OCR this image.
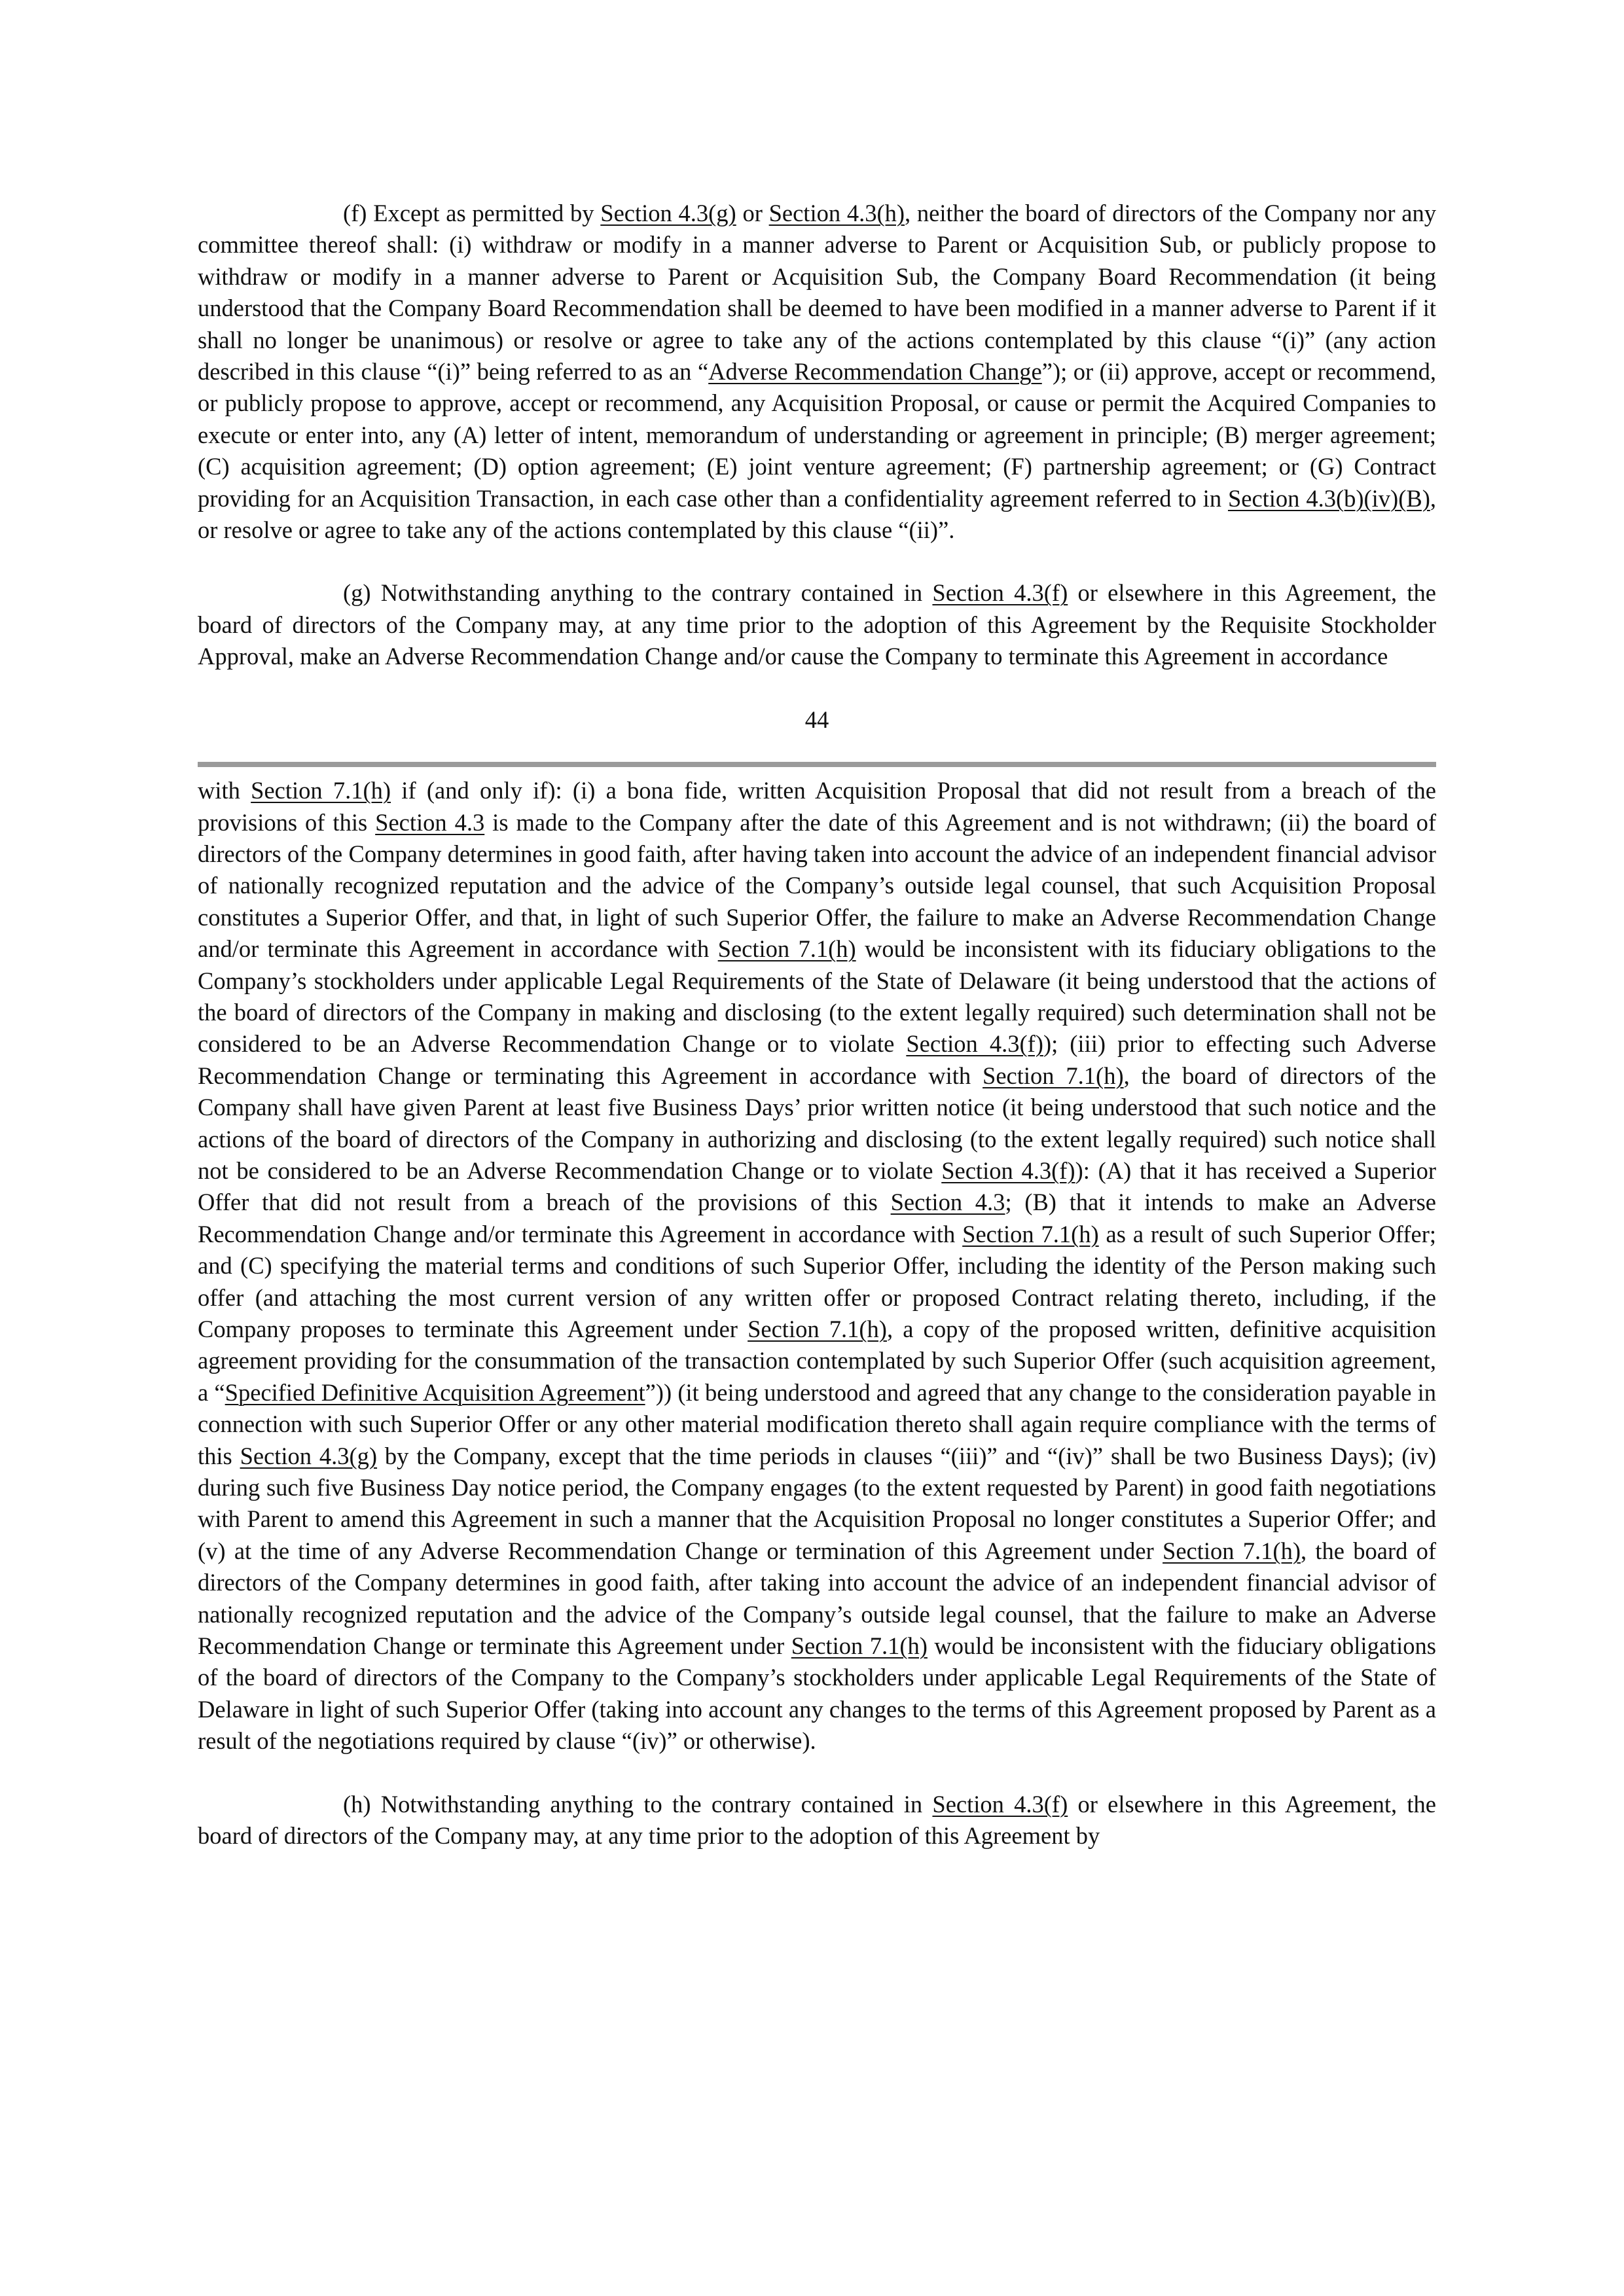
(f) Except as permitted by Section 4.3(g) or Section 4.3(h), neither the board of directors of the Company nor any committee thereof shall: (i) withdraw or modify in a manner adverse to Parent or Acquisition Sub, or publicly propose to withdraw or modify in a manner adverse to Parent or Acquisition Sub, the Company Board Recommendation (it being understood that the Company Board Recommendation shall be deemed to have been modified in a manner adverse to Parent if it shall no longer be unanimous) or resolve or agree to take any of the actions contemplated by this clause “(i)” (any action described in this clause “(i)” being referred to as an “Adverse Recommendation Change”); or (ii) approve, accept or recommend, or publicly propose to approve, accept or recommend, any Acquisition Proposal, or cause or permit the Acquired Companies to execute or enter into, any (A) letter of intent, memorandum of understanding or agreement in principle; (B) merger agreement; (C) acquisition agreement; (D) option agreement; (E) joint venture agreement; (F) partnership agreement; or (G) Contract providing for an Acquisition Transaction, in each case other than a confidentiality agreement referred to in Section 4.3(b)(iv)(B), or resolve or agree to take any of the actions contemplated by this clause “(ii)”.

(g) Notwithstanding anything to the contrary contained in Section 4.3(f) or elsewhere in this Agreement, the board of directors of the Company may, at any time prior to the adoption of this Agreement by the Requisite Stockholder Approval, make an Adverse Recommendation Change and/or cause the Company to terminate this Agreement in accordance

44

with Section 7.1(h) if (and only if): (i) a bona fide, written Acquisition Proposal that did not result from a breach of the provisions of this Section 4.3 is made to the Company after the date of this Agreement and is not withdrawn; (ii) the board of directors of the Company determines in good faith, after having taken into account the advice of an independent financial advisor of nationally recognized reputation and the advice of the Company’s outside legal counsel, that such Acquisition Proposal constitutes a Superior Offer, and that, in light of such Superior Offer, the failure to make an Adverse Recommendation Change and/or terminate this Agreement in accordance with Section 7.1(h) would be inconsistent with its fiduciary obligations to the Company’s stockholders under applicable Legal Requirements of the State of Delaware (it being understood that the actions of the board of directors of the Company in making and disclosing (to the extent legally required) such determination shall not be considered to be an Adverse Recommendation Change or to violate Section 4.3(f)); (iii) prior to effecting such Adverse Recommendation Change or terminating this Agreement in accordance with Section 7.1(h), the board of directors of the Company shall have given Parent at least five Business Days’ prior written notice (it being understood that such notice and the actions of the board of directors of the Company in authorizing and disclosing (to the extent legally required) such notice shall not be considered to be an Adverse Recommendation Change or to violate Section 4.3(f)): (A) that it has received a Superior Offer that did not result from a breach of the provisions of this Section 4.3; (B) that it intends to make an Adverse Recommendation Change and/or terminate this Agreement in accordance with Section 7.1(h) as a result of such Superior Offer; and (C) specifying the material terms and conditions of such Superior Offer, including the identity of the Person making such offer (and attaching the most current version of any written offer or proposed Contract relating thereto, including, if the Company proposes to terminate this Agreement under Section 7.1(h), a copy of the proposed written, definitive acquisition agreement providing for the consummation of the transaction contemplated by such Superior Offer (such acquisition agreement, a “Specified Definitive Acquisition Agreement”)) (it being understood and agreed that any change to the consideration payable in connection with such Superior Offer or any other material modification thereto shall again require compliance with the terms of this Section 4.3(g) by the Company, except that the time periods in clauses “(iii)” and “(iv)” shall be two Business Days); (iv) during such five Business Day notice period, the Company engages (to the extent requested by Parent) in good faith negotiations with Parent to amend this Agreement in such a manner that the Acquisition Proposal no longer constitutes a Superior Offer; and (v) at the time of any Adverse Recommendation Change or termination of this Agreement under Section 7.1(h), the board of directors of the Company determines in good faith, after taking into account the advice of an independent financial advisor of nationally recognized reputation and the advice of the Company’s outside legal counsel, that the failure to make an Adverse Recommendation Change or terminate this Agreement under Section 7.1(h) would be inconsistent with the fiduciary obligations of the board of directors of the Company to the Company’s stockholders under applicable Legal Requirements of the State of Delaware in light of such Superior Offer (taking into account any changes to the terms of this Agreement proposed by Parent as a result of the negotiations required by clause “(iv)” or otherwise).

(h) Notwithstanding anything to the contrary contained in Section 4.3(f) or elsewhere in this Agreement, the board of directors of the Company may, at any time prior to the adoption of this Agreement by
